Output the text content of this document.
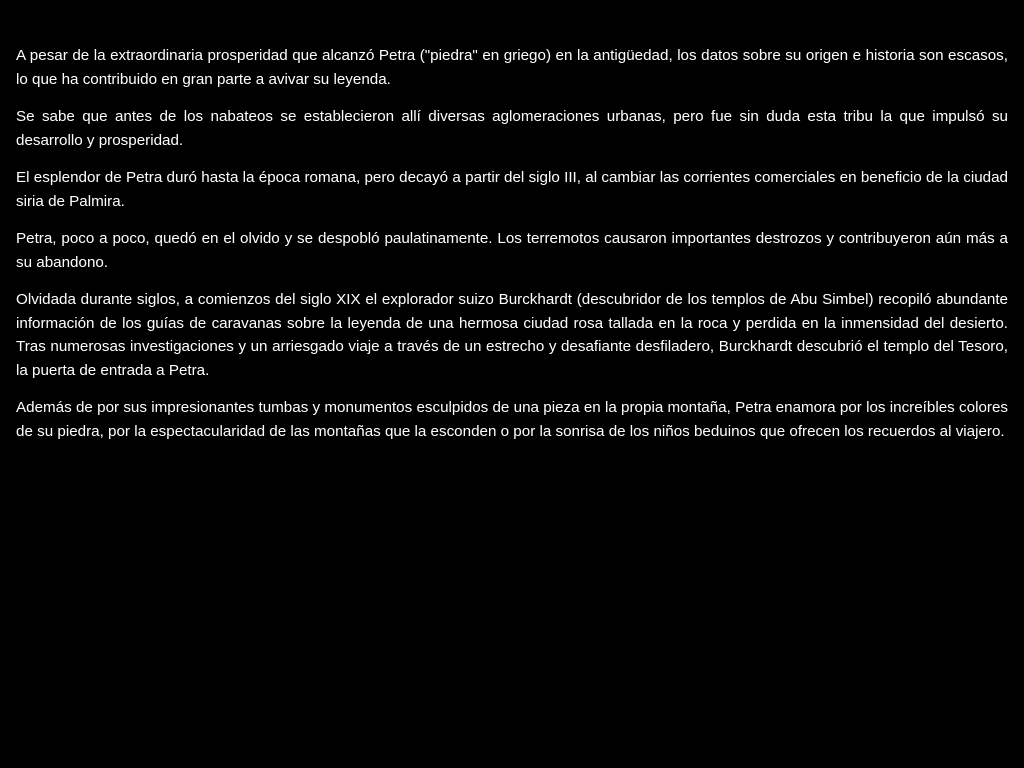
A pesar de la extraordinaria prosperidad que alcanzó Petra ("piedra" en griego) en la antigüedad, los datos sobre su origen e historia son escasos, lo que ha contribuido en gran parte a avivar su leyenda.

Se sabe que antes de los nabateos se establecieron allí diversas aglomeraciones urbanas, pero fue sin duda esta tribu la que impulsó su desarrollo y prosperidad.

El esplendor de Petra duró hasta la época romana, pero decayó a partir del siglo III, al cambiar las corrientes comerciales en beneficio de la ciudad siria de Palmira.

Petra, poco a poco, quedó en el olvido y se despobló paulatinamente. Los terremotos causaron importantes destrozos y contribuyeron aún más a su abandono.

Olvidada durante siglos, a comienzos del siglo XIX el explorador suizo Burckhardt (descubridor de los templos de Abu Simbel) recopiló abundante información de los guías de caravanas sobre la leyenda de una hermosa ciudad rosa tallada en la roca y perdida en la inmensidad del desierto. Tras numerosas investigaciones y un arriesgado viaje a través de un estrecho y desafiante desfiladero, Burckhardt descubrió el templo del Tesoro, la puerta de entrada a Petra.

Además de por sus impresionantes tumbas y monumentos esculpidos de una pieza en la propia montaña, Petra enamora por los increíbles colores de su piedra, por la espectacularidad de las montañas que la esconden o por la sonrisa de los niños beduinos que ofrecen los recuerdos al viajero.
